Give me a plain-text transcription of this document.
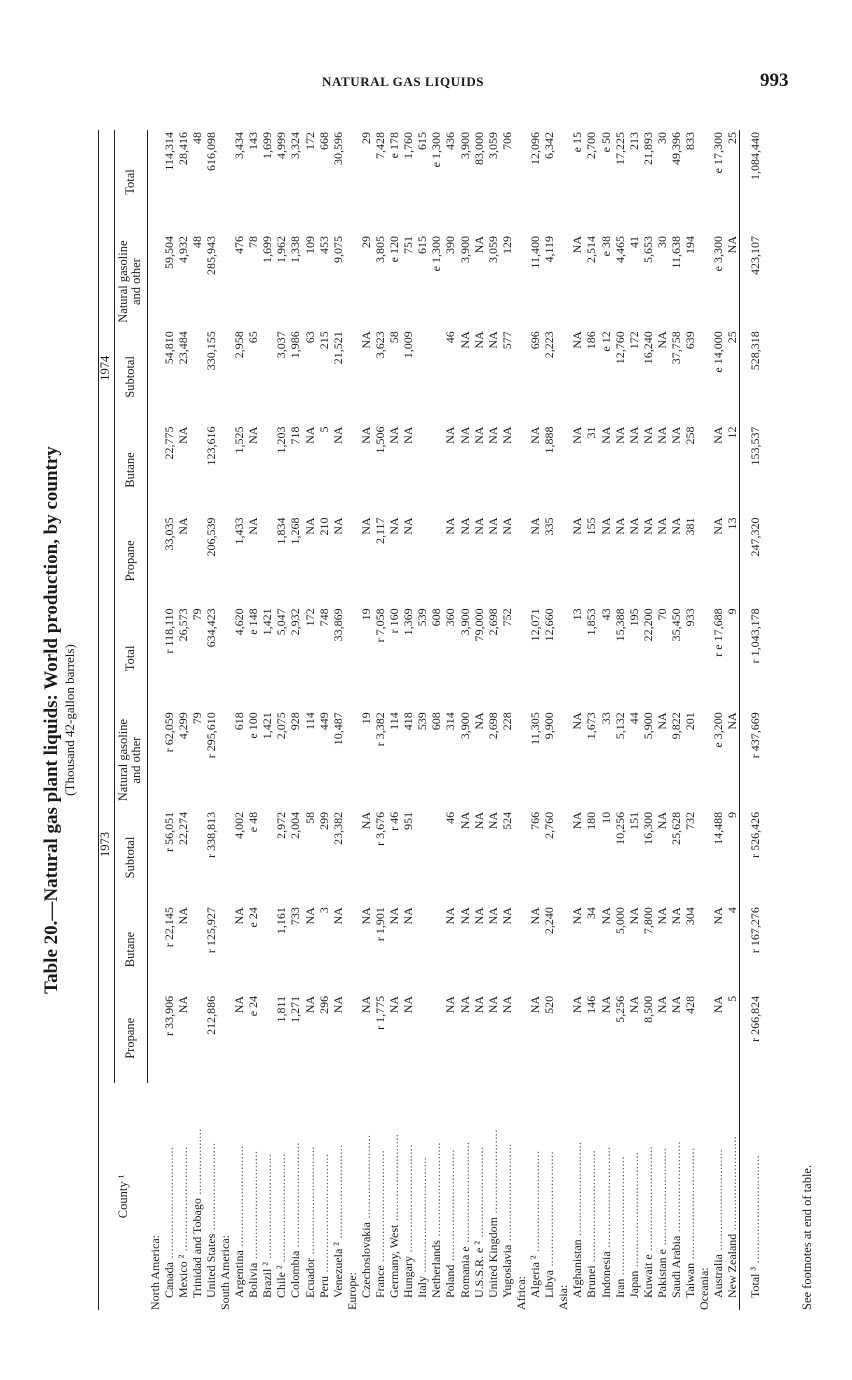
NATURAL GAS LIQUIDS	993
Table 20.—Natural gas plant liquids: World production, by country (Thousand 42-gallon barrels)
County ¹	1973					1974				
	Propane	Butane	Subtotal	Natural gasoline and other	Total	Propane	Butane	Subtotal	Natural gasoline and other	Total
North America:										
Canada ................................	r 33,906	r 22,145	r 56,051	r 62,059	r 118,110	33,035	22,775	54,810	59,504	114,314
Mexico ² ..............................	NA	NA	22,274	4,299	26,573	NA	NA	23,484	4,932	28,416
Trinidad and Tobago ...................				79	79				48	48
United States .........................	212,886	r 125,927	r 338,813	r 295,610	634,423	206,539	123,616	330,155	285,943	616,098
South America:										
Argentina .............................	NA	NA	4,002	618	4,620	1,433	1,525	2,958	476	3,434
Bolivia ...............................	e 24	e 24	e 48	e 100	e 148	NA	NA	65	78	143
Brazil ² ..............................				1,421	1,421				1,699	1,699
Chile ² ...............................	1,811	1,161	2,972	2,075	5,047	1,834	1,203	3,037	1,962	4,999
Colombia ..............................	1,271	733	2,004	928	2,932	1,268	718	1,986	1,338	3,324
Ecuador ...............................	NA	NA	58	114	172	NA	NA	63	109	172
Peru ..................................	296	3	299	449	748	210	5	215	453	668
Venezuela ² ...........................	NA	NA	23,382	10,487	33,869	NA	NA	21,521	9,075	30,596
Europe:										
Czechoslovakia ........................	NA	NA	NA	19	19	NA	NA	NA	29	29
France ................................	r 1,775	r 1,901	r 3,676	r 3,382	r 7,058	2,117	1,506	3,623	3,805	7,428
Germany, West .........................	NA	NA	r 46	114	r 160	NA	NA	58	e 120	e 178
Hungary ...............................	NA	NA	951	418	1,369	NA	NA	1,009	751	1,760
Italy .................................				539	539				615	615
Netherlands ...........................				608	608				e 1,300	e 1,300
Poland ................................	NA	NA	46	314	360	NA	NA	46	390	436
Romania e .............................	NA	NA	NA	3,900	3,900	NA	NA	NA	3,900	3,900
U.S.S.R. e ² ..........................	NA	NA	NA	NA	79,000	NA	NA	NA	NA	83,000
United Kingdom ........................	NA	NA	NA	2,698	2,698	NA	NA	NA	3,059	3,059
Yugoslavia ............................	NA	NA	524	228	752	NA	NA	577	129	706
Africa:										
Algeria ² .............................	NA	NA	766	11,305	12,071	NA	NA	696	11,400	12,096
Libya .................................	520	2,240	2,760	9,900	12,660	335	1,888	2,223	4,119	6,342
Asia:										
Afghanistan ...........................	NA	NA	NA	NA	13	NA	NA	NA	NA	e 15
Brunei ................................	146	34	180	1,673	1,853	155	31	186	2,514	2,700
Indonesia .............................	NA	NA	10	33	43	NA	NA	e 12	e 38	e 50
Iran ..................................	5,256	5,000	10,256	5,132	15,388	NA	NA	12,760	4,465	17,225
Japan .................................	NA	NA	151	44	195	NA	NA	172	41	213
Kuwait e ..............................	8,500	7,800	16,300	5,900	22,200	NA	NA	16,240	5,653	21,893
Pakistan e ............................	NA	NA	NA	NA	70	NA	NA	NA	30	30
Saudi Arabia ..........................	NA	NA	25,628	9,822	35,450	NA	NA	37,758	11,638	49,396
Taiwan ................................	428	304	732	201	933	381	258	639	194	833
Oceania:										
Australia .............................	NA	NA	14,488	e 3,200	r e 17,688	NA	NA	e 14,000	e 3,300	e 17,300
New Zealand ...........................	5	4	9	NA	9	13	12	25	NA	25
Total ³ ...............................	r 266,824	r 167,276	r 526,426	r 437,669	r 1,043,178	247,320	153,537	528,318	423,107	1,084,440
See footnotes at end of table.
